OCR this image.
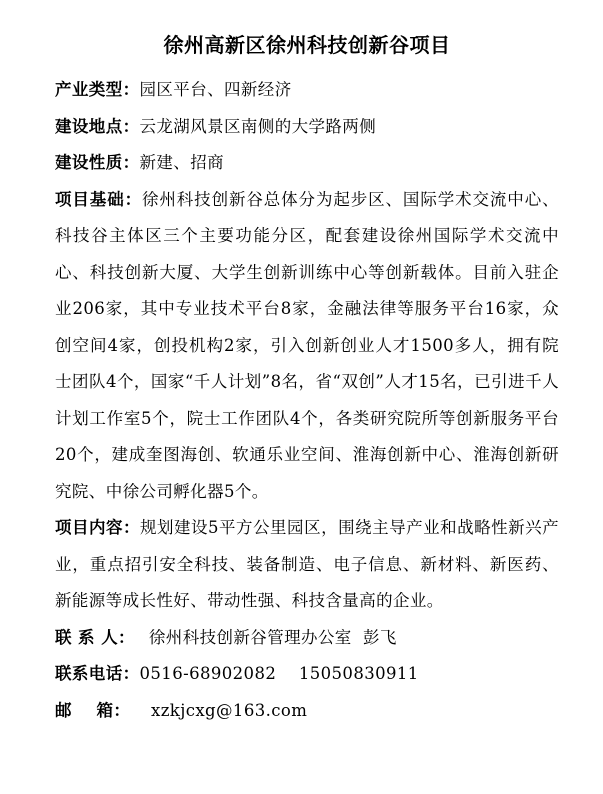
徐州高新区徐州科技创新谷项目

产业类型：园区平台、四新经济

建设地点：云龙湖风景区南侧的大学路两侧

建设性质：新建、招商

项目基础：徐州科技创新谷总体分为起步区、国际学术交流中心、科技谷主体区三个主要功能分区，配套建设徐州国际学术交流中心、科技创新大厦、大学生创新训练中心等创新载体。目前入驻企业206家，其中专业技术平台8家，金融法律等服务平台16家，众创空间4家，创投机构2家，引入创新创业人才1500多人，拥有院士团队4个，国家“千人计划”8名，省“双创”人才15名，已引进千人计划工作室5个，院士工作团队4个，各类研究院所等创新服务平台20个，建成奎图海创、软通乐业空间、淮海创新中心、淮海创新研究院、中徐公司孵化器5个。

项目内容：规划建设5平方公里园区，围绕主导产业和战略性新兴产业，重点招引安全科技、装备制造、电子信息、新材料、新医药、新能源等成长性好、带动性强、科技含量高的企业。

联 系 人： 徐州科技创新谷管理办公室  彭飞

联系电话：0516-68902082    15050830911

邮    箱： xzkjcxg@163.com
